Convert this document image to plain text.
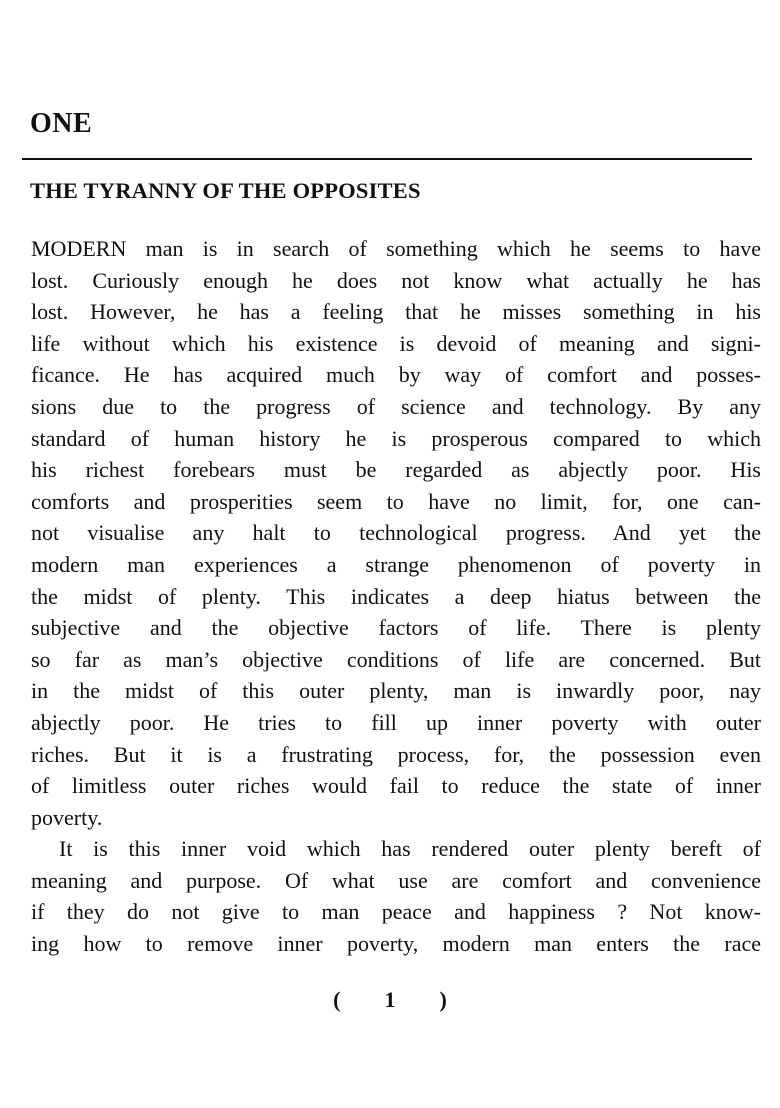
ONE
THE TYRANNY OF THE OPPOSITES

MODERN man is in search of something which he seems to have
lost. Curiously enough he does not know what actually he has
lost. However, he has a feeling that he misses something in his
life without which his existence is devoid of meaning and signi-
ficance. He has acquired much by way of comfort and posses-
sions due to the progress of science and technology. By any
standard of human history he is prosperous compared to which
his richest forebears must be regarded as abjectly poor. His
comforts and prosperities seem to have no limit, for, one can-
not visualise any halt to technological progress. And yet the
modern man experiences a strange phenomenon of poverty in
the midst of plenty. This indicates a deep hiatus between the
subjective and the objective factors of life. There is plenty
so far as man’s objective conditions of life are concerned. But
in the midst of this outer plenty, man is inwardly poor, nay
abjectly poor. He tries to fill up inner poverty with outer
riches. But it is a frustrating process, for, the possession even
of limitless outer riches would fail to reduce the state of inner
poverty.

It is this inner void which has rendered outer plenty bereft of
meaning and purpose. Of what use are comfort and convenience
if they do not give to man peace and happiness ? Not know-
ing how to remove inner poverty, modern man enters the race

( 1 )
